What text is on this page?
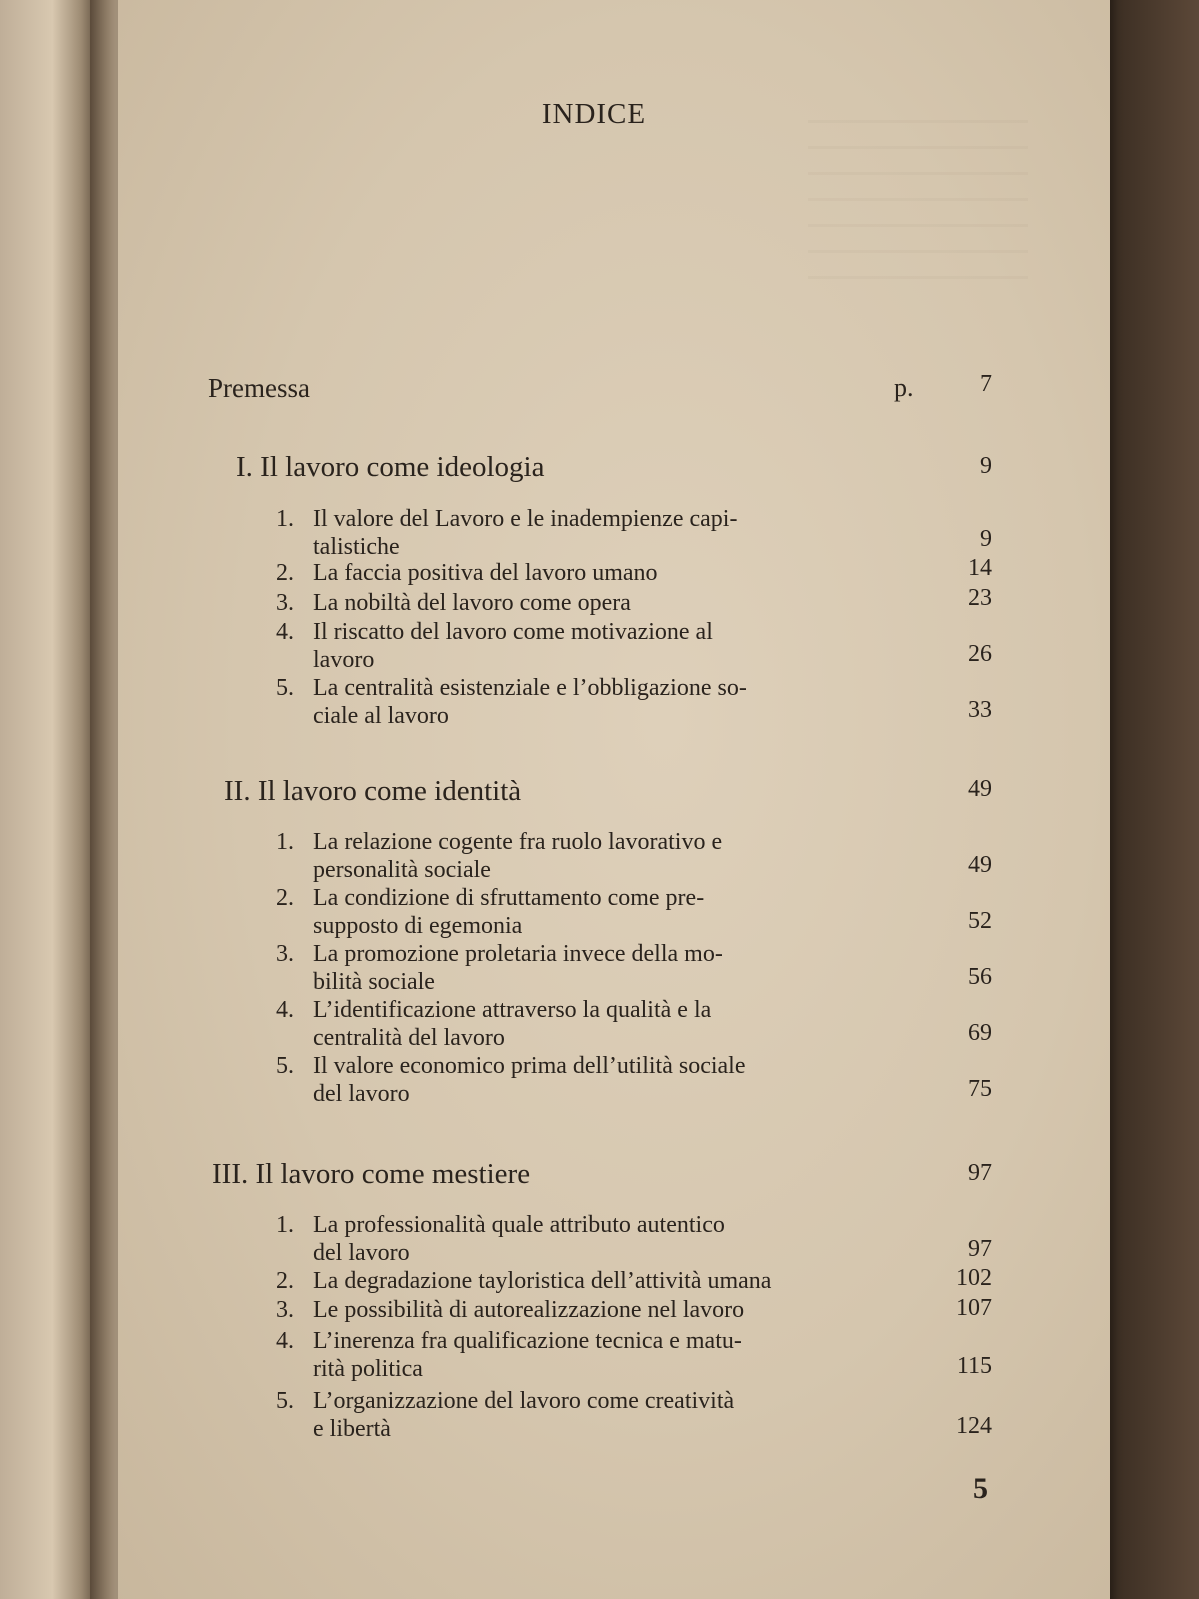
INDICE
Premessa	p.	7
I. Il lavoro come ideologia	9
1. Il valore del Lavoro e le inadempienze capi-
talistiche	9
2. La faccia positiva del lavoro umano	14
3. La nobiltà del lavoro come opera	23
4. Il riscatto del lavoro come motivazione al
lavoro	26
5. La centralità esistenziale e l’obbligazione so-
ciale al lavoro	33
II. Il lavoro come identità	49
1. La relazione cogente fra ruolo lavorativo e
personalità sociale	49
2. La condizione di sfruttamento come pre-
supposto di egemonia	52
3. La promozione proletaria invece della mo-
bilità sociale	56
4. L’identificazione attraverso la qualità e la
centralità del lavoro	69
5. Il valore economico prima dell’utilità sociale
del lavoro	75
III. Il lavoro come mestiere	97
1. La professionalità quale attributo autentico
del lavoro	97
2. La degradazione tayloristica dell’attività umana	102
3. Le possibilità di autorealizzazione nel lavoro	107
4. L’inerenza fra qualificazione tecnica e matu-
rità politica	115
5. L’organizzazione del lavoro come creatività
e libertà	124
5
